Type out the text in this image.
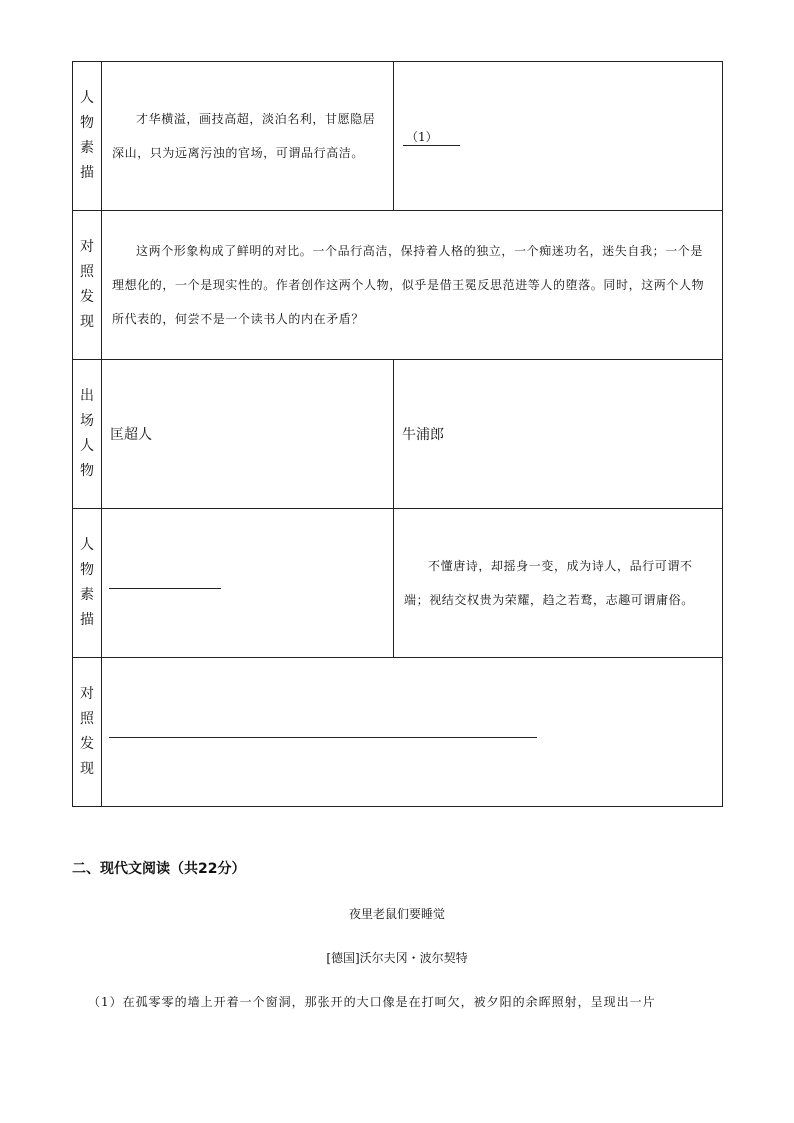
人
物
素
描	才华横溢，画技高超，淡泊名利，甘愿隐居深山，只为远离污浊的官场，可谓品行高洁。	（1）

对
照
发
现	这两个形象构成了鲜明的对比。一个品行高洁，保持着人格的独立，一个痴迷功名，迷失自我；一个是理想化的，一个是现实性的。作者创作这两个人物，似乎是借王冕反思范进等人的堕落。同时，这两个人物所代表的，何尝不是一个读书人的内在矛盾？	

出
场
人
物	匡超人	牛浦郎

人
物
素
描		不懂唐诗，却摇身一变，成为诗人，品行可谓不端；视结交权贵为荣耀，趋之若鹜，志趣可谓庸俗。

对
照
发
现		

二、现代文阅读（共22分）
夜里老鼠们要睡觉
[德国]沃尔夫冈・波尔契特
（1）在孤零零的墙上开着一个窗洞，那张开的大口像是在打呵欠，被夕阳的余晖照射，呈现出一片
